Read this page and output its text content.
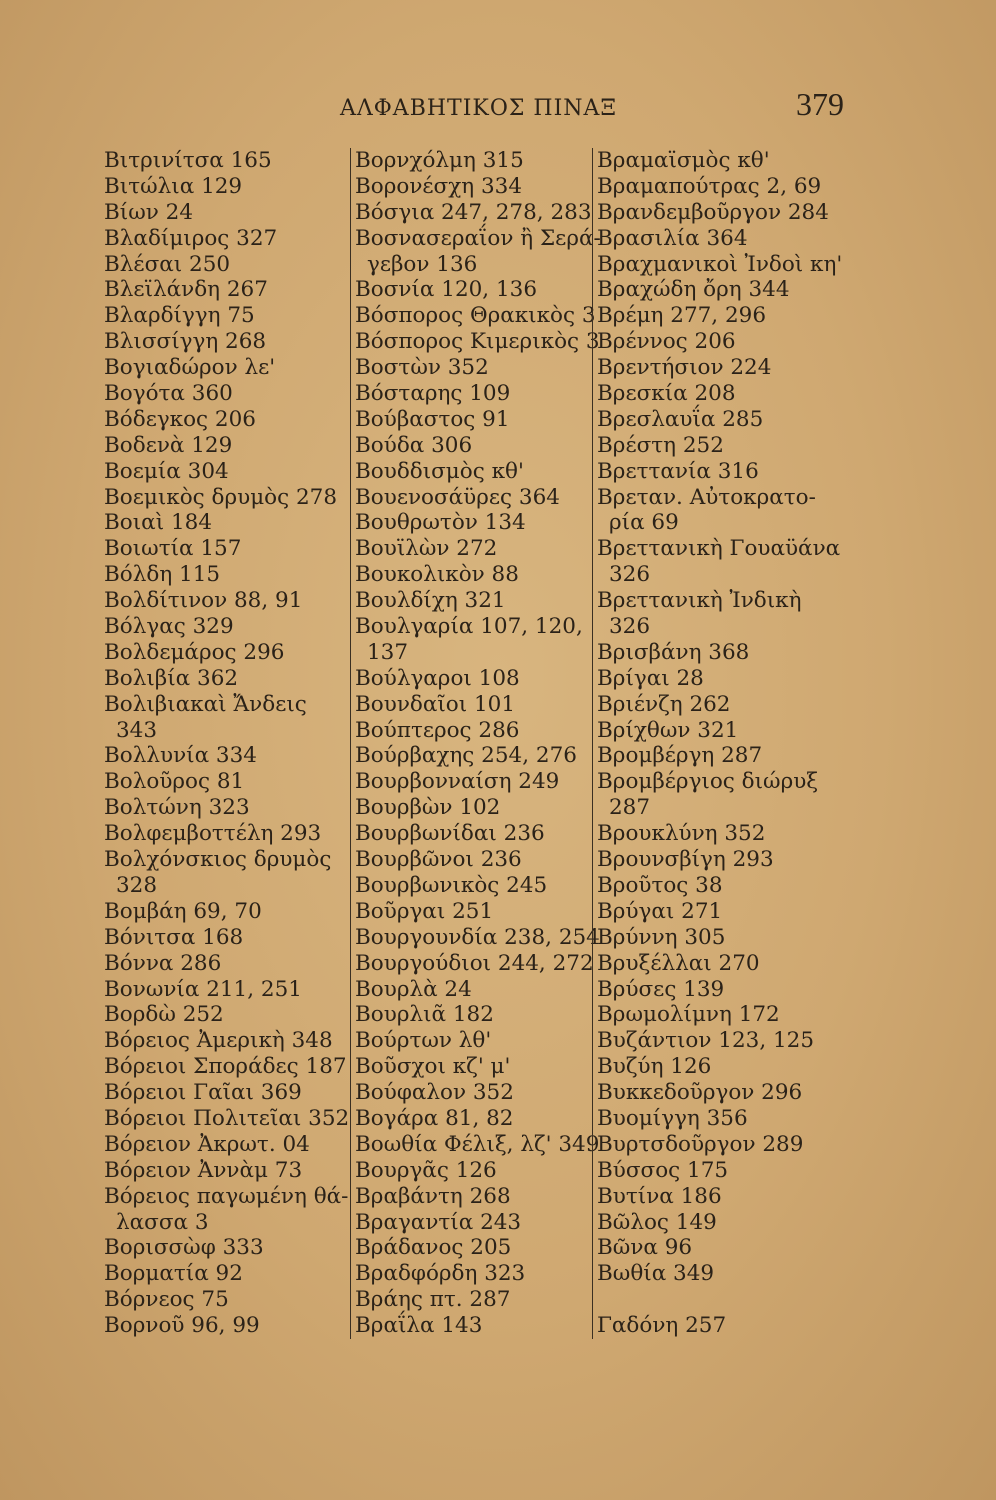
ΑΛΦΑΒΗΤΙΚΟΣ ΠΙΝΑΞ	379
Βιτρινίτσα 165
Βιτώλια 129
Βίων 24
Βλαδίμιρος 327
Βλέσαι 250
Βλεϊλάνδη 267
Βλαρδίγγη 75
Βλισσίγγη 268
Βογιαδώρον λε'
Βογότα 360
Βόδεγκος 206
Βοδενὰ 129
Βοεμία 304
Βοεμικὸς δρυμὸς 278
Βοιαὶ 184
Βοιωτία 157
Βόλδη 115
Βολδίτινον 88, 91
Βόλγας 329
Βολδεμάρος 296
Βολιβία 362
Βολιβιακαὶ Ἄνδεις
343
Βολλυνία 334
Βολοῦρος 81
Βολτώνη 323
Βολφεμβοττέλη 293
Βολχόνσκιος δρυμὸς
328
Βομβάη 69, 70
Βόνιτσα 168
Βόννα 286
Βονωνία 211, 251
Βορδὼ 252
Βόρειος Ἀμερικὴ 348
Βόρειοι Σποράδες 187
Βόρειοι Γαῖαι 369
Βόρειοι Πολιτεῖαι 352
Βόρειον Ἀκρωτ. 04
Βόρειον Ἀννὰμ 73
Βόρειος παγωμένη θά-
λασσα 3
Βορισσὼφ 333
Βορματία 92
Βόρνεος 75
Βορνοῦ 96, 99
Βορνχόλμη 315
Βορονέσχη 334
Βόσγια 247, 278, 283
Βοσνασεραΐον ἢ Σερά-
γεβον 136
Βοσνία 120, 136
Βόσπορος Θρακικὸς 3
Βόσπορος Κιμερικὸς 3
Βοστὼν 352
Βόσταρης 109
Βούβαστος 91
Βούδα 306
Βουδδισμὸς κθ'
Βουενοσάϋρες 364
Βουθρωτὸν 134
Βουϊλὼν 272
Βουκολικὸν 88
Βουλδίχη 321
Βουλγαρία 107, 120,
137
Βούλγαροι 108
Βουνδαῖοι 101
Βούπτερος 286
Βούρβαχης 254, 276
Βουρβονναίση 249
Βουρβὼν 102
Βουρβωνίδαι 236
Βουρβῶνοι 236
Βουρβωνικὸς 245
Βοῦργαι 251
Βουργουνδία 238, 254
Βουργούδιοι 244, 272
Βουρλὰ 24
Βουρλιᾶ 182
Βούρτων λθ'
Βοῦσχοι κζ' μ'
Βούφαλον 352
Βογάρα 81, 82
Βοωθία Φέλιξ, λζ' 349
Βουργᾶς 126
Βραβάντη 268
Βραγαντία 243
Βράδανος 205
Βραδφόρδη 323
Βράης πτ. 287
Βραΐλα 143
Βραμαϊσμὸς κθ'
Βραμαπούτρας 2, 69
Βρανδεμβοῦργον 284
Βρασιλία 364
Βραχμανικοὶ Ἰνδοὶ κη'
Βραχώδη ὄρη 344
Βρέμη 277, 296
Βρέννος 206
Βρεντήσιον 224
Βρεσκία 208
Βρεσλαυΐα 285
Βρέστη 252
Βρεττανία 316
Βρεταν. Αὐτοκρατο-
ρία 69
Βρεττανικὴ Γουαϋάνα
326
Βρεττανικὴ Ἰνδικὴ
326
Βρισβάνη 368
Βρίγαι 28
Βριένζη 262
Βρίχθων 321
Βρομβέργη 287
Βρομβέργιος διώρυξ
287
Βρουκλύνη 352
Βρουνσβίγη 293
Βροῦτος 38
Βρύγαι 271
Βρύννη 305
Βρυξέλλαι 270
Βρύσες 139
Βρωμολίμνη 172
Βυζάντιον 123, 125
Βυζύη 126
Βυκκεδοῦργον 296
Βυομίγγη 356
Βυρτσδοῦργον 289
Βύσσος 175
Βυτίνα 186
Βῶλος 149
Βῶνα 96
Βωθία 349
Γαδόνη 257
